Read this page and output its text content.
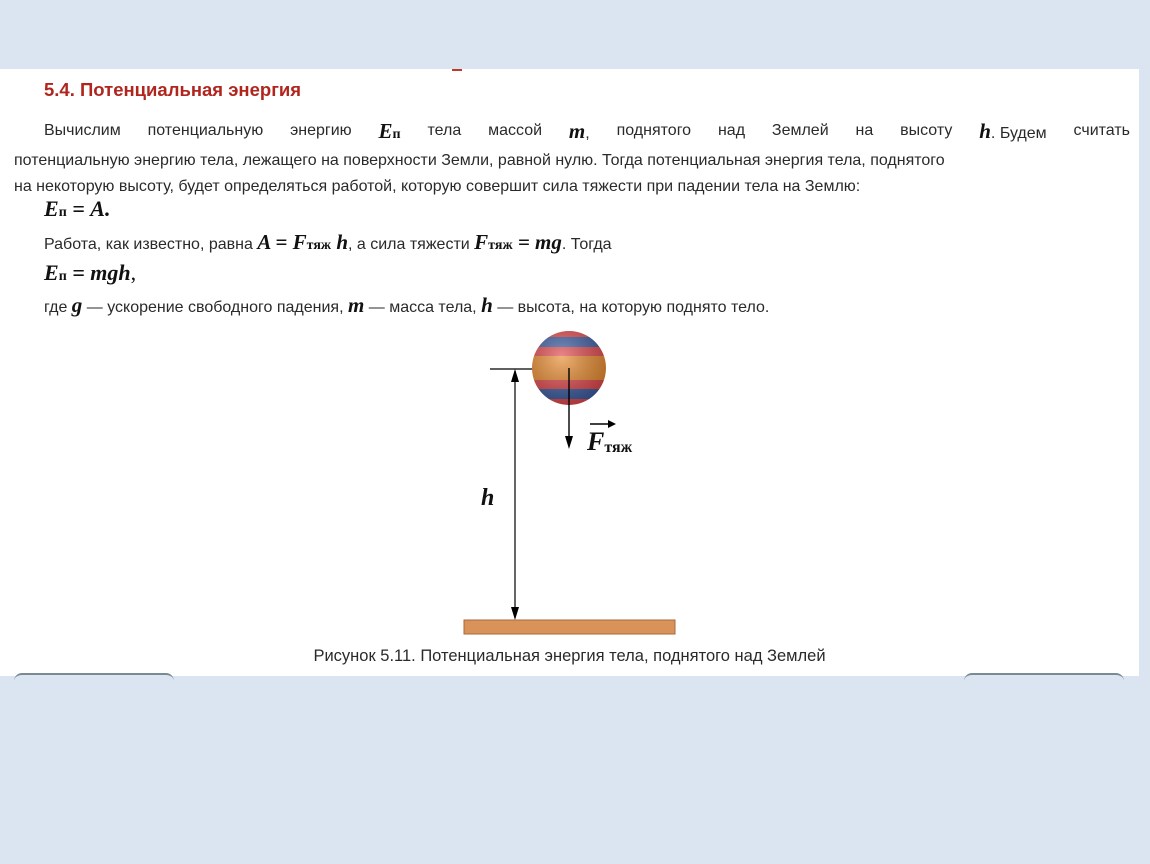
5.4. Потенциальная энергия
Вычислим потенциальную энергию Eп тела массой m, поднятого над Землей на высоту h. Будем считать
потенциальную энергию тела, лежащего на поверхности Земли, равной нулю. Тогда потенциальная энергия тела, поднятого
на некоторую высоту, будет определяться работой, которую совершит сила тяжести при падении тела на Землю:
Eп = A.
Работа, как известно, равна A = Fтяж h, а сила тяжести Fтяж = mg. Тогда
Eп = mgh,
где g — ускорение свободного падения, m — масса тела, h — высота, на которую поднято тело.
h
Fтяж
Рисунок 5.11. Потенциальная энергия тела, поднятого над Землей
